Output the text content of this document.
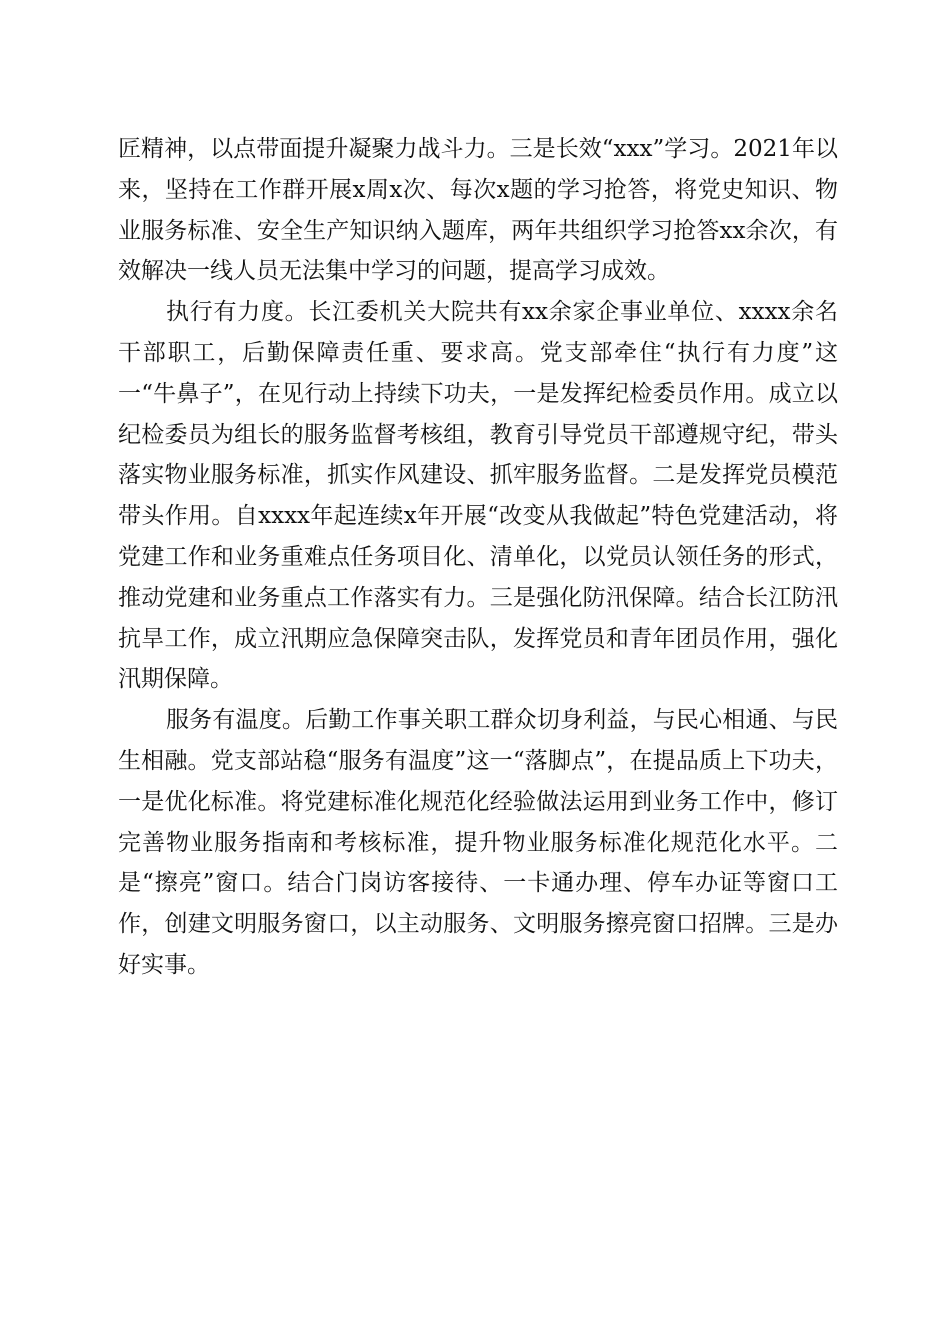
匠精神，以点带面提升凝聚力战斗力。三是长效“xxx”学习。2021年以来，坚持在工作群开展x周x次、每次x题的学习抢答，将党史知识、物业服务标准、安全生产知识纳入题库，两年共组织学习抢答xx余次，有效解决一线人员无法集中学习的问题，提高学习成效。

执行有力度。长江委机关大院共有xx余家企事业单位、xxxx余名干部职工，后勤保障责任重、要求高。党支部牵住“执行有力度”这一“牛鼻子”，在见行动上持续下功夫，一是发挥纪检委员作用。成立以纪检委员为组长的服务监督考核组，教育引导党员干部遵规守纪，带头落实物业服务标准，抓实作风建设、抓牢服务监督。二是发挥党员模范带头作用。自xxxx年起连续x年开展“改变从我做起”特色党建活动，将党建工作和业务重难点任务项目化、清单化，以党员认领任务的形式，推动党建和业务重点工作落实有力。三是强化防汛保障。结合长江防汛抗旱工作，成立汛期应急保障突击队，发挥党员和青年团员作用，强化汛期保障。

服务有温度。后勤工作事关职工群众切身利益，与民心相通、与民生相融。党支部站稳“服务有温度”这一“落脚点”，在提品质上下功夫，一是优化标准。将党建标准化规范化经验做法运用到业务工作中，修订完善物业服务指南和考核标准，提升物业服务标准化规范化水平。二是“擦亮”窗口。结合门岗访客接待、一卡通办理、停车办证等窗口工作，创建文明服务窗口，以主动服务、文明服务擦亮窗口招牌。三是办好实事。
